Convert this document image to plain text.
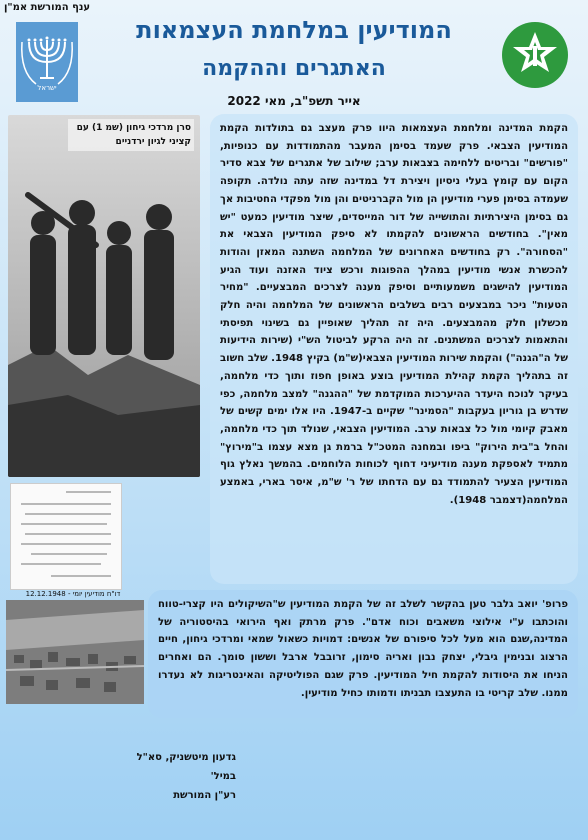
ענף המורשת אמ"ן
ישראל
המודיעין במלחמת העצמאות
האתגרים וההקמה
אייר תשפ"ב, מאי 2022
סרן מרדכי גיחון (שמ 1) עם קציני לגיון ירדניים

הקמת המדינה ומלחמת העצמאות היוו פרק מעצב גם בתולדות הקמת המודיעין הצבאי. פרק שעמד בסימן המעבר מהתמודדות עם כנופיות, "פורשים" ובריטים ללחימה בצבאות ערב; שילוב של אתגרים של צבא סדיר הקום עם קומץ בעלי ניסיון ויצירת דל במדינה שזה עתה נולדה. תקופה שעמדה בסימן פערי מודיעין הן מול הקברניטים והן מול מפקדי החטיבות אך גם בסימן היצירתיות והתושייה של דור המייסדים, שיצר מודיעין כמעט "יש מאין". בחודשים הראשונים להקמתו לא סיפק המודיעין הצבאי את "הסחורה". רק בחודשים האחרונים של המלחמה השתנה המאזן והודות להכשרת אנשי מודיעין במהלך ההפוגות ורכש ציוד האזנה ועוד הגיע המודיעין להישגים משמעותיים וסיפק מענה לצרכים המבצעיים. "מחיר הטעות" ניכר במבצעים רבים בשלבים הראשונים של המלחמה והיה חלק מכשלון חלק מהמבצעים. היה זה תהליך שאופיין גם בשינוי תפיסתי והתאמות לצרכים המשתנים. זה היה הרקע לביטול הש"י (שירות הידיעות של ה"הגנה") והקמת שירות המודיעין הצבאי(ש"מ) בקיץ 1948. שלב חשוב זה בתהליך הקמת קהילת המודיעין בוצע באופן חפוז ותוך כדי מלחמה, בעיקר לנוכח היעדר ההיערכות המוקדמת של "ההגנה" למצב מלחמה, כפי שדרש בן גוריון בעקבות "הסמינר" שקיים ב-1947. היו אלו ימים קשים של מאבק קיומי מול כל צבאות ערב. המודיעין הצבאי, שנולד תוך כדי מלחמה, והחל ב"בית הירוק" ביפו ובמחנה המטכ"ל ברמת גן מצא עצמו ב"מירוץ" מתמיד לאספקת מענה מודיעיני דחוף לכוחות הלוחמים. בהמשך נאלץ גוף המודיעין הצעיר להתמודד גם עם הדחתו של ר' ש"מ, איסר בארי, באמצע המלחמה(דצמבר 1948).

דו"ח מודיעין יומי - 12.12.1948

פרופ' יואב גלבר טען בהקשר לשלב זה של הקמת המודיעין ש"השיקולים היו קצרי-טווח והוכתבו ע"י אילוצי משאבים וכוח אדם". פרק מרתק ואף הירואי בהיסטוריה של המדינה,שגם הוא מעל לכל סיפורם של אנשים: דמויות כשאול שמאי ומרדכי גיחון, חיים הרצוג ובנימין גיבלי, יצחק נבון ואריה סימון, זרובבל ארבל וששון סומך. הם ואחרים הניחו את היסודות להקמת חיל המודיעין. פרק שגם הפוליטיקה והאינטריגות לא נעדרו ממנו. שלב קריטי בו התעצבו תבניתו ודמותו כחיל מודיעין.

גדעון מיטשניק, סא"ל במיל'
רע"ן המורשת
